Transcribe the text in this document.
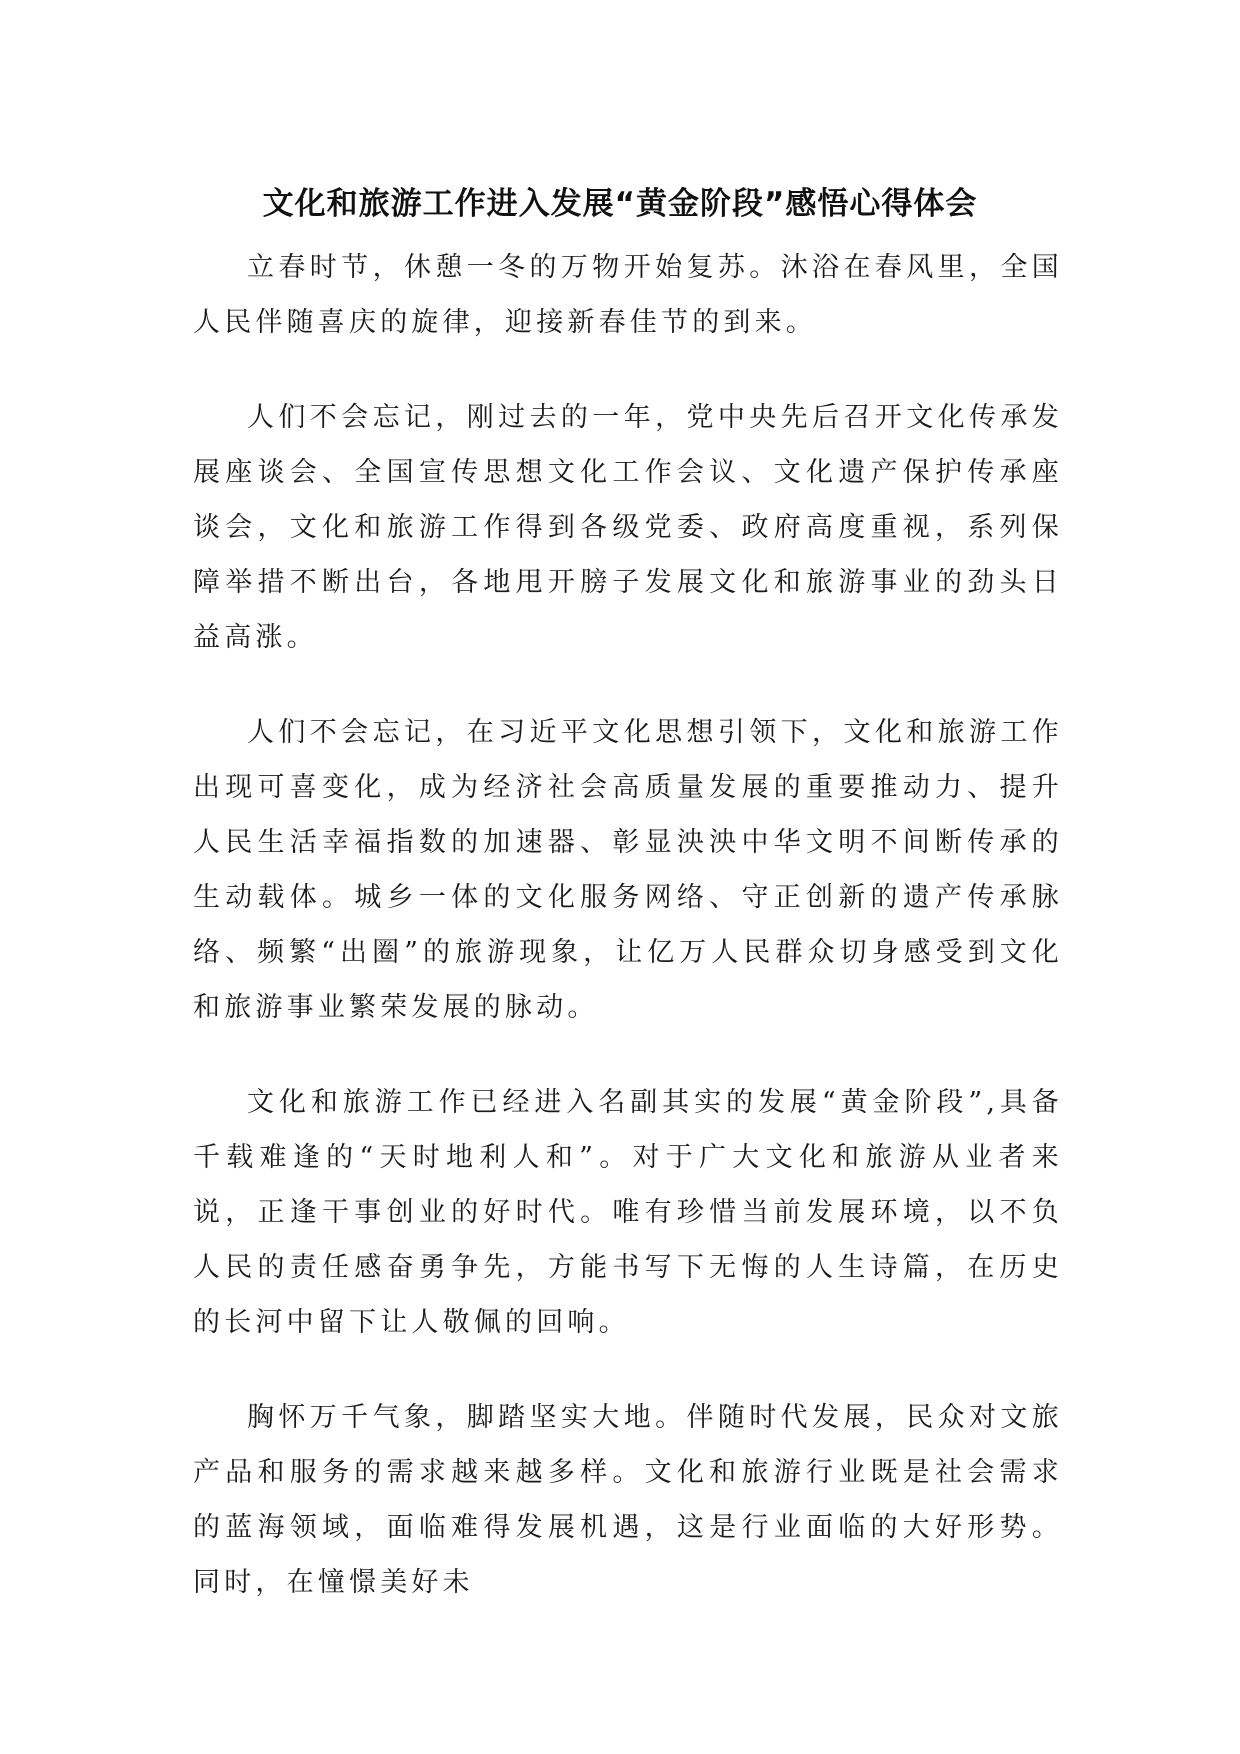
文化和旅游工作进入发展“黄金阶段”感悟心得体会

立春时节，休憩一冬的万物开始复苏。沐浴在春风里，全国人民伴随喜庆的旋律，迎接新春佳节的到来。

人们不会忘记，刚过去的一年，党中央先后召开文化传承发展座谈会、全国宣传思想文化工作会议、文化遗产保护传承座谈会，文化和旅游工作得到各级党委、政府高度重视，系列保障举措不断出台，各地甩开膀子发展文化和旅游事业的劲头日益高涨。

人们不会忘记，在习近平文化思想引领下，文化和旅游工作出现可喜变化，成为经济社会高质量发展的重要推动力、提升人民生活幸福指数的加速器、彰显泱泱中华文明不间断传承的生动载体。城乡一体的文化服务网络、守正创新的遗产传承脉络、频繁“出圈”的旅游现象，让亿万人民群众切身感受到文化和旅游事业繁荣发展的脉动。

文化和旅游工作已经进入名副其实的发展“黄金阶段”,具备千载难逢的“天时地利人和”。对于广大文化和旅游从业者来说，正逢干事创业的好时代。唯有珍惜当前发展环境，以不负人民的责任感奋勇争先，方能书写下无悔的人生诗篇，在历史的长河中留下让人敬佩的回响。

胸怀万千气象，脚踏坚实大地。伴随时代发展，民众对文旅产品和服务的需求越来越多样。文化和旅游行业既是社会需求的蓝海领域，面临难得发展机遇，这是行业面临的大好形势。同时，在憧憬美好未
